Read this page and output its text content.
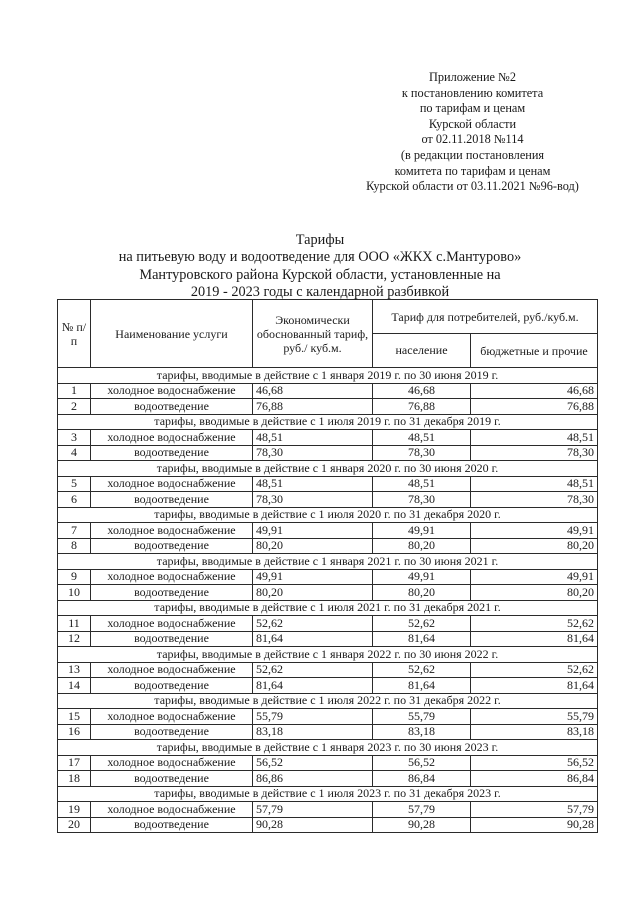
Приложение №2
к постановлению комитета
по тарифам и ценам
Курской области
от 02.11.2018 №114
(в редакции постановления
комитета по тарифам и ценам
Курской области от 03.11.2021 №96-вод)
Тарифы
на питьевую воду и водоотведение для ООО «ЖКХ с.Мантурово»
Мантуровского района Курской области, установленные на
2019 - 2023 годы с календарной разбивкой
№ п/п	Наименование услуги	Экономически обоснованный тариф, руб./ куб.м.	Тариф для потребителей, руб./куб.м.	
			население	бюджетные и прочие
тарифы, вводимые в действие с 1 января 2019 г. по 30 июня 2019 г.				
1	холодное водоснабжение	46,68	46,68	46,68
2	водоотведение	76,88	76,88	76,88
тарифы, вводимые в действие с 1 июля 2019 г. по 31 декабря 2019 г.				
3	холодное водоснабжение	48,51	48,51	48,51
4	водоотведение	78,30	78,30	78,30
тарифы, вводимые в действие с 1 января 2020 г. по 30 июня 2020 г.				
5	холодное водоснабжение	48,51	48,51	48,51
6	водоотведение	78,30	78,30	78,30
тарифы, вводимые в действие с 1 июля 2020 г. по 31 декабря 2020 г.				
7	холодное водоснабжение	49,91	49,91	49,91
8	водоотведение	80,20	80,20	80,20
тарифы, вводимые в действие с 1 января 2021 г. по 30 июня 2021 г.				
9	холодное водоснабжение	49,91	49,91	49,91
10	водоотведение	80,20	80,20	80,20
тарифы, вводимые в действие с 1 июля 2021 г. по 31 декабря 2021 г.				
11	холодное водоснабжение	52,62	52,62	52,62
12	водоотведение	81,64	81,64	81,64
тарифы, вводимые в действие с 1 января 2022 г. по 30 июня 2022 г.				
13	холодное водоснабжение	52,62	52,62	52,62
14	водоотведение	81,64	81,64	81,64
тарифы, вводимые в действие с 1 июля 2022 г. по 31 декабря 2022 г.				
15	холодное водоснабжение	55,79	55,79	55,79
16	водоотведение	83,18	83,18	83,18
тарифы, вводимые в действие с 1 января 2023 г. по 30 июня 2023 г.				
17	холодное водоснабжение	56,52	56,52	56,52
18	водоотведение	86,86	86,84	86,84
тарифы, вводимые в действие с 1 июля 2023 г. по 31 декабря 2023 г.				
19	холодное водоснабжение	57,79	57,79	57,79
20	водоотведение	90,28	90,28	90,28
